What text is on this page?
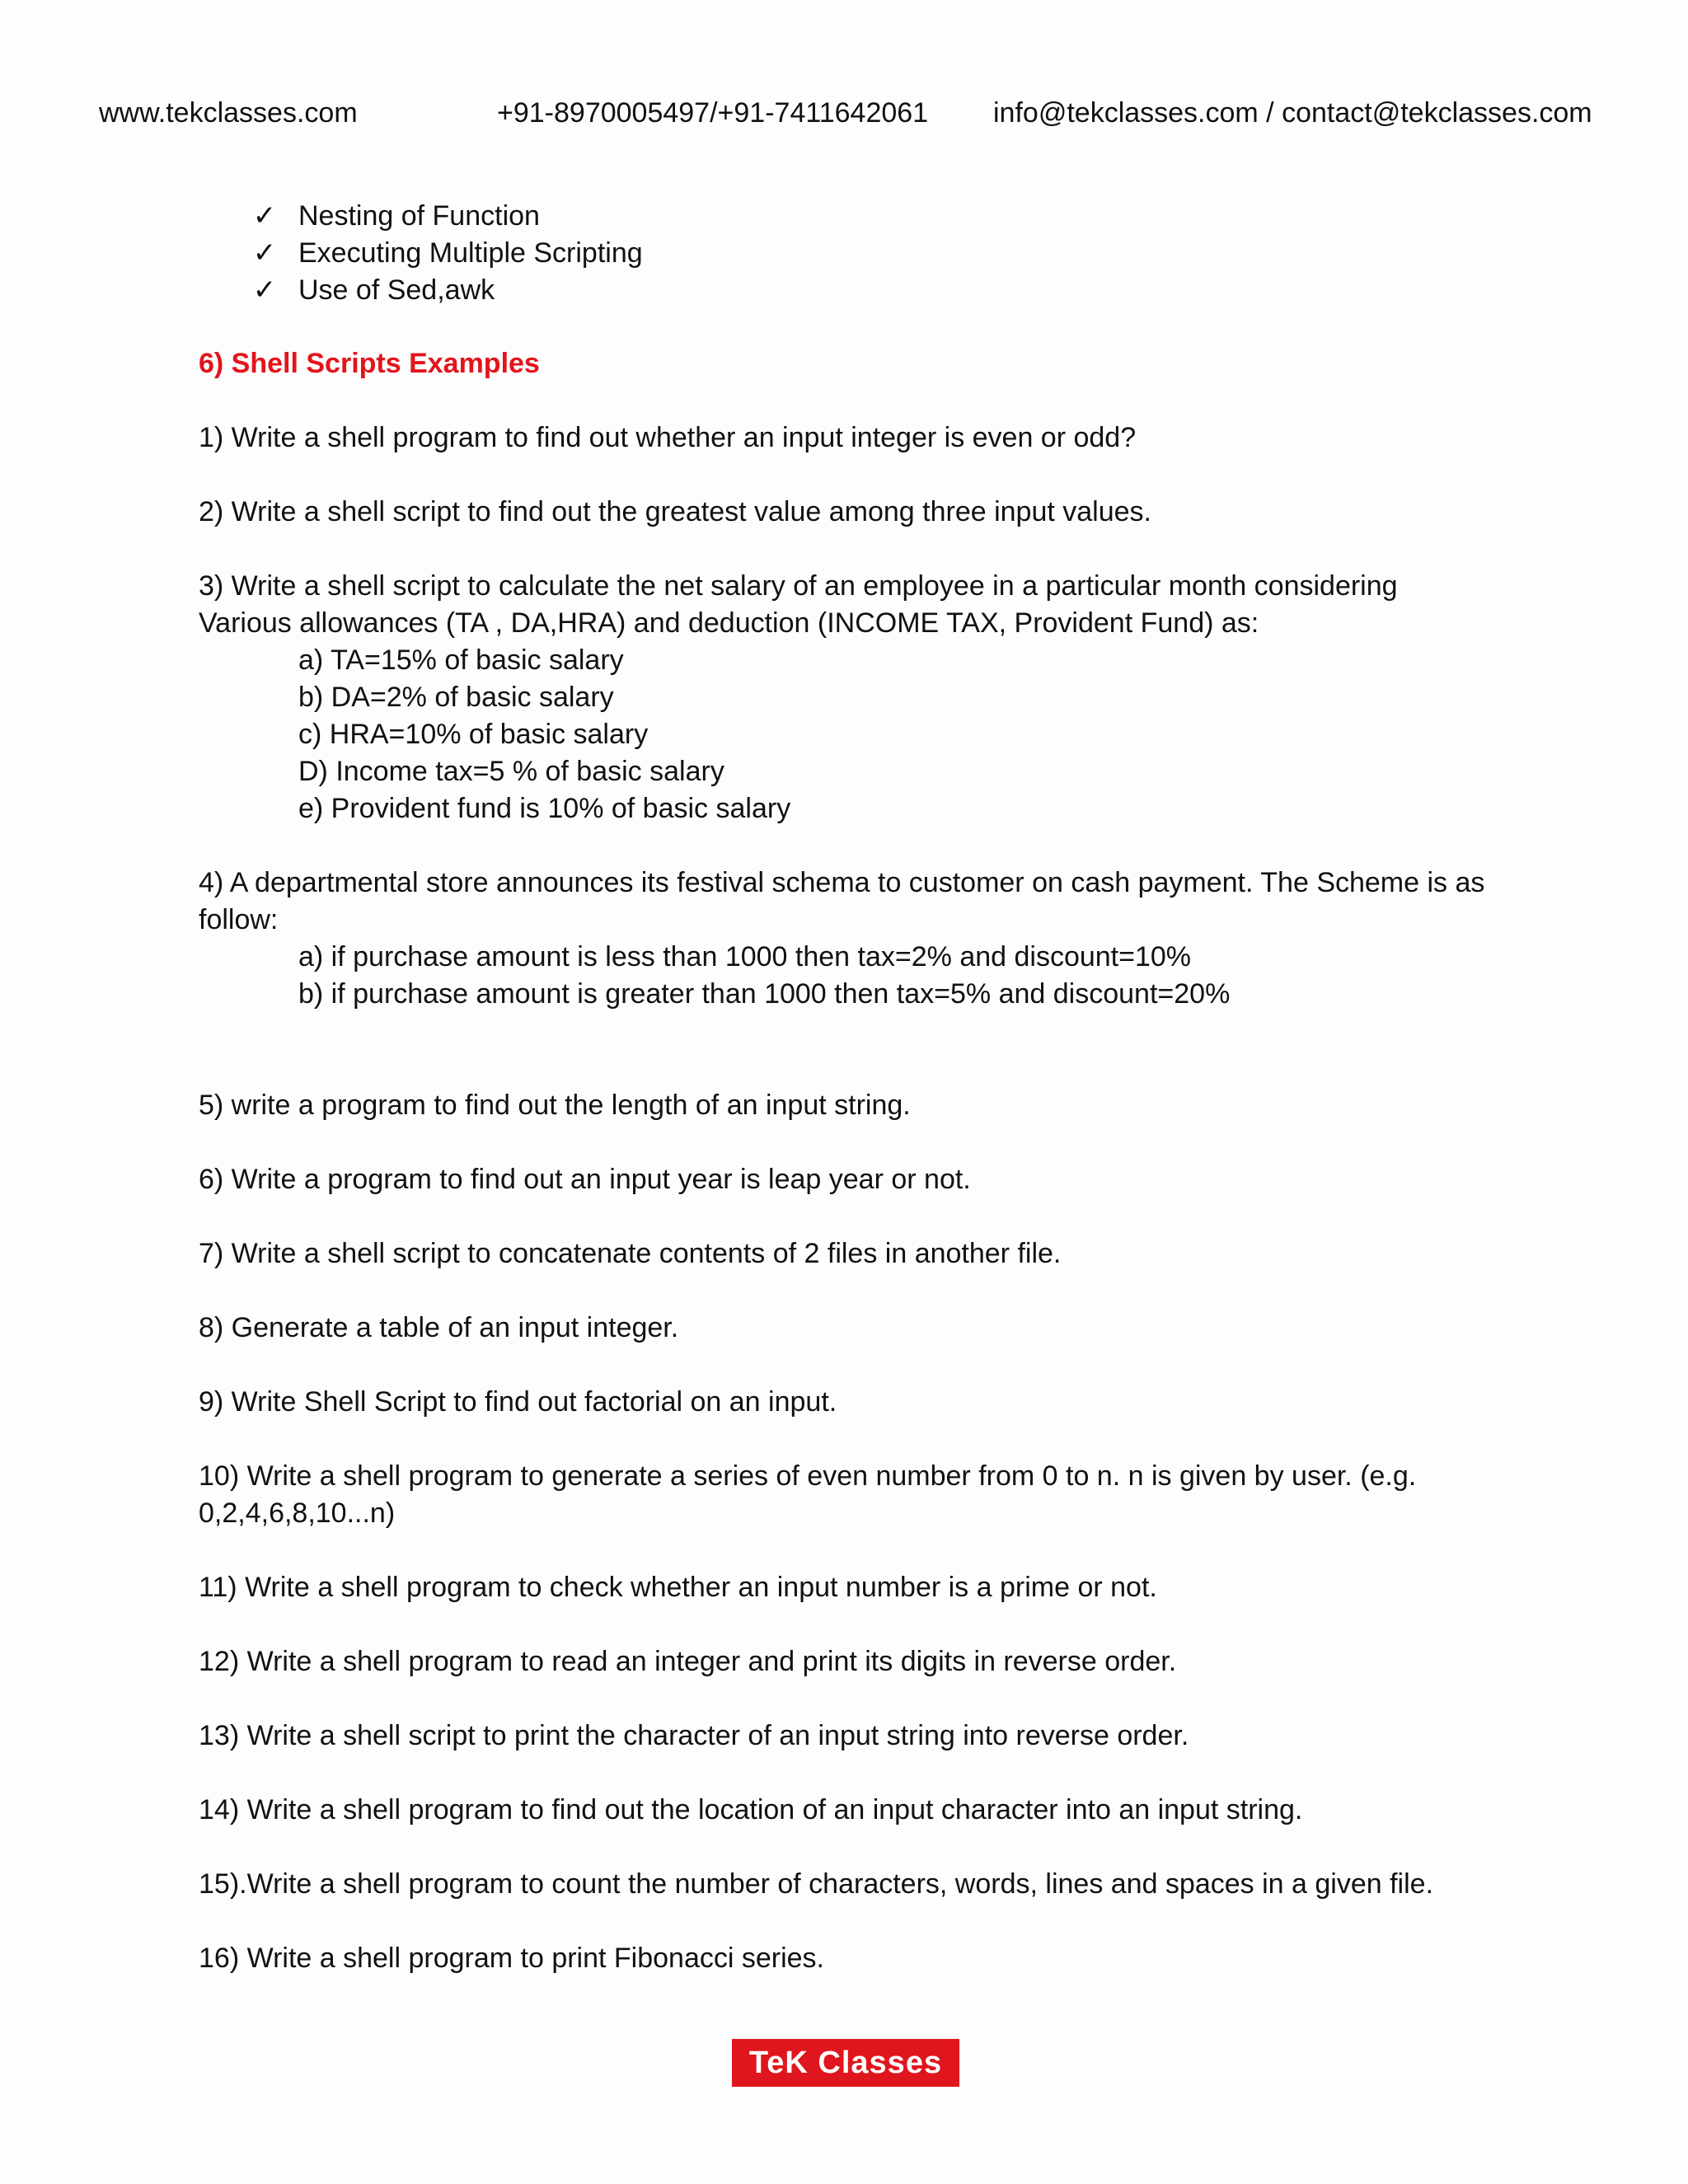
www.tekclasses.com	+91-8970005497/+91-7411642061 info@tekclasses.com / contact@tekclasses.com
✓ Nesting of Function
✓ Executing Multiple Scripting
✓ Use of Sed,awk
6) Shell Scripts Examples

1) Write a shell program to find out whether an input integer is even or odd?

2) Write a shell script to find out the greatest value among three input values.

3) Write a shell script to calculate the net salary of an employee in a particular month considering

Various allowances (TA , DA,HRA) and deduction (INCOME TAX, Provident Fund) as:

a) TA=15% of basic salary
b) DA=2% of basic salary
c) HRA=10% of basic salary
D) Income tax=5 % of basic salary
e) Provident fund is 10% of basic salary

4) A departmental store announces its festival schema to customer on cash payment. The Scheme is as

follow:

a) if purchase amount is less than 1000 then tax=2% and discount=10%
b) if purchase amount is greater than 1000 then tax=5% and discount=20%

5) write a program to find out the length of an input string.

6) Write a program to find out an input year is leap year or not.

7) Write a shell script to concatenate contents of 2 files in another file.

8) Generate a table of an input integer.

9) Write Shell Script to find out factorial on an input.

10) Write a shell program to generate a series of even number from 0 to n. n is given by user. (e.g.

0,2,4,6,8,10...n)

11) Write a shell program to check whether an input number is a prime or not.

12) Write a shell program to read an integer and print its digits in reverse order.

13) Write a shell script to print the character of an input string into reverse order.

14) Write a shell program to find out the location of an input character into an input string.

15).Write a shell program to count the number of characters, words, lines and spaces in a given file.

16) Write a shell program to print Fibonacci series.

TeK Classes
